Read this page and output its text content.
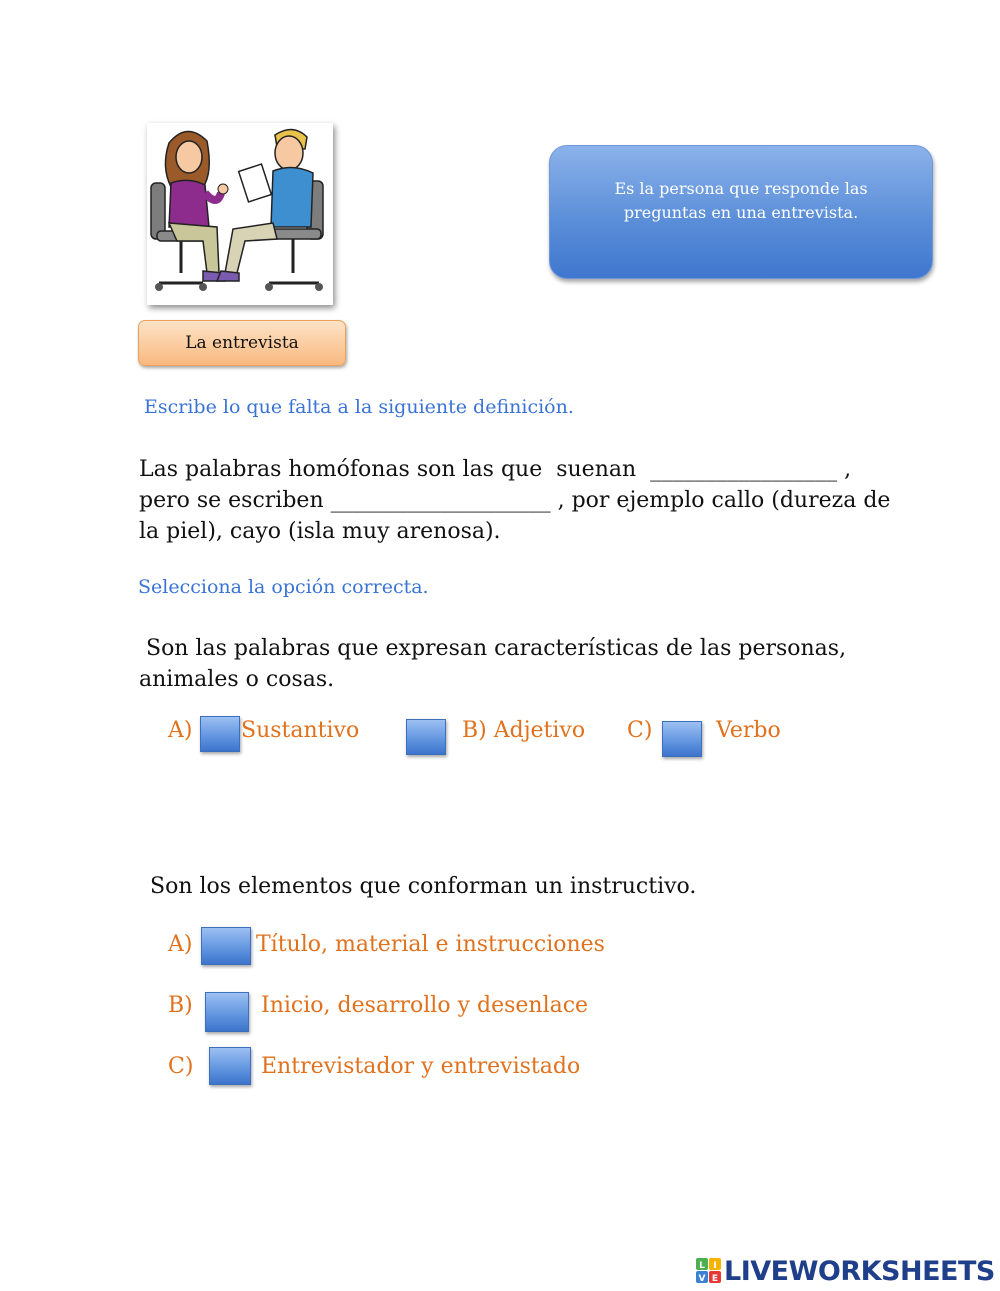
La entrevista
Es la persona que responde las preguntas en una entrevista.
Escribe lo que falta a la siguiente definición.
Las palabras homófonas son las que  suenan  _________________ ,
pero se escriben ____________________ , por ejemplo callo (dureza de
la piel), cayo (isla muy arenosa).
Selecciona la opción correcta.
Son las palabras que expresan características de las personas,
animales o cosas.
A) Sustantivo	B) Adjetivo C)	Verbo
Son los elementos que conforman un instructivo.
A)	Título, material e instrucciones
B)	Inicio, desarrollo y desenlace
C)	Entrevistador y entrevistado
L I
V E LIVEWORKSHEETS
